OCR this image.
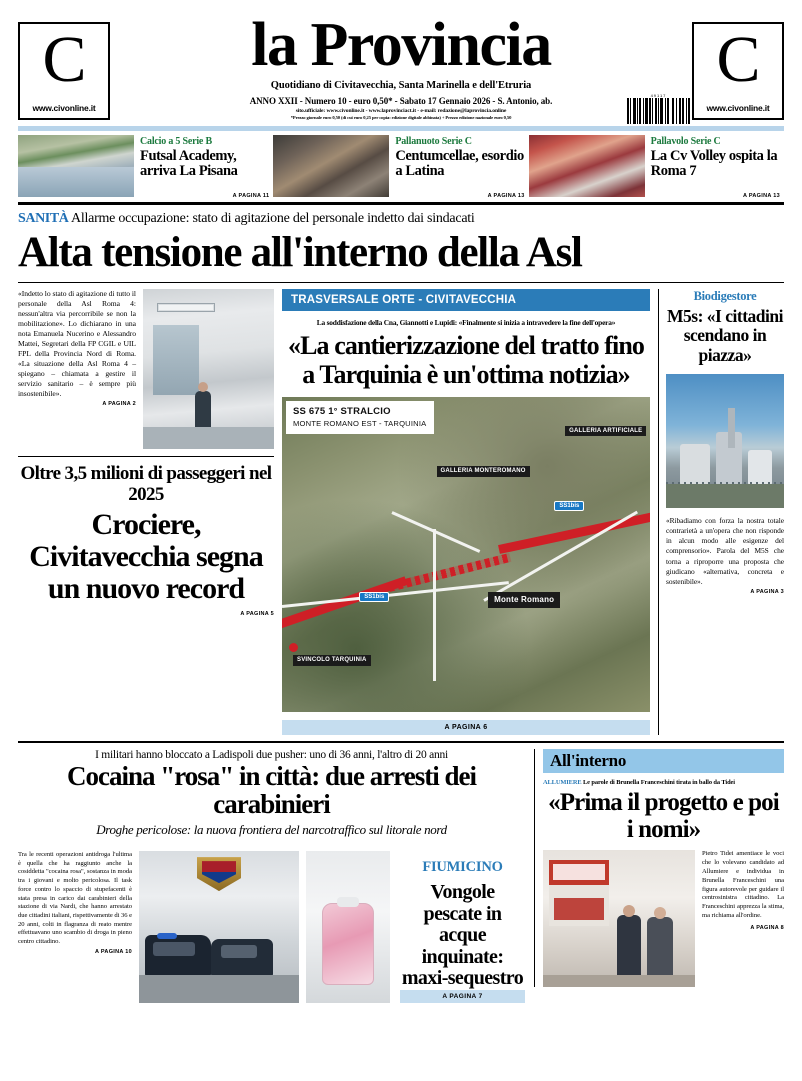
C
www.civonline.it
la Provincia
Quotidiano di Civitavecchia, Santa Marinella e dell'Etruria
ANNO XXII - Numero 10 - euro 0,50* - Sabato 17 Gennaio 2026 - S. Antonio, ab.
sito.ufficiale: www.civonline.it - www.laprovinciact.it - e-mail: redazione@laprovincia.online
*Prezzo giornale euro 0,50 (di cui euro 0,25 per copia: edizione digitale abbinata) + Prezzo edizione nazionale euro 0,50
49117 C
www.civonline.it
Calcio a 5 Serie B
Futsal Academy, arriva La Pisana
A PAGINA 11
Pallanuoto Serie C
Centumcellae, esordio a Latina
A PAGINA 13
Pallavolo Serie C
La Cv Volley ospita la Roma 7
A PAGINA 13
SANITÀ Allarme occupazione: stato di agitazione del personale indetto dai sindacati
Alta tensione all'interno della Asl
«Indetto lo stato di agitazione di tutto il personale della Asl Roma 4: nessun'altra via percorribile se non la mobilitazione». Lo dichiarano in una nota Emanuela Nucerino e Alessandro Mattei, Segretari della FP CGIL e UIL FPL della Provincia Nord di Roma. «La situazione della Asl Roma 4 – spiegano – chiamata a gestire il servizio sanitario – è sempre più insostenibile».
A PAGINA 2
Oltre 3,5 milioni di passeggeri nel 2025
Crociere, Civitavecchia segna un nuovo record
A PAGINA 5
TRASVERSALE ORTE - CIVITAVECCHIA
La soddisfazione della Cna, Giannotti e Lupidi: «Finalmente si inizia a intravedere la fine dell'opera»
«La cantierizzazione del tratto fino a Tarquinia è un'ottima notizia»
SS 675 1° STRALCIO
MONTE ROMANO EST - TARQUINIA
GALLERIA MONTEROMANO
GALLERIA ARTIFICIALE
Monte Romano
SVINCOLO TARQUINIA
SS1bis
SS1bis
A PAGINA 6
Biodigestore
M5s: «I cittadini scendano in piazza»
«Ribadiamo con forza la nostra totale contrarietà a un'opera che non risponde in alcun modo alle esigenze del comprensorio». Parola del M5S che torna a riproporre una proposta che giudicano «alternativa, concreta e sostenibile».
A PAGINA 3
I militari hanno bloccato a Ladispoli due pusher: uno di 36 anni, l'altro di 20 anni
Cocaina "rosa" in città: due arresti dei carabinieri
Droghe pericolose: la nuova frontiera del narcotraffico sul litorale nord
Tra le recenti operazioni antidroga l'ultima è quella che ha raggiunto anche la cosiddetta "cocaina rosa", sostanza in moda tra i giovani e molto pericolosa. Il task force contro lo spaccio di stupefacenti è stata presa in carico dai carabinieri della stazione di via Nardi, che hanno arrestato due cittadini italiani, rispettivamente di 36 e 20 anni, colti in flagranza di reato mentre effettuavano uno scambio di droga in pieno centro cittadino.
A PAGINA 10
FIUMICINO
Vongole pescate in acque inquinate: maxi-sequestro
A PAGINA 7
All'interno
ALLUMIERE Le parole di Brunella Franceschini tirata in ballo da Tidei
«Prima il progetto e poi i nomi»
Pietro Tidei amentiace le voci che lo volevano candidato ad Allumiere e individua in Brunella Franceschini una figura autorevole per guidare il centrosinistra cittadino. La Franceschini apprezza la stima, ma richiama all'ordine.
A PAGINA 8
